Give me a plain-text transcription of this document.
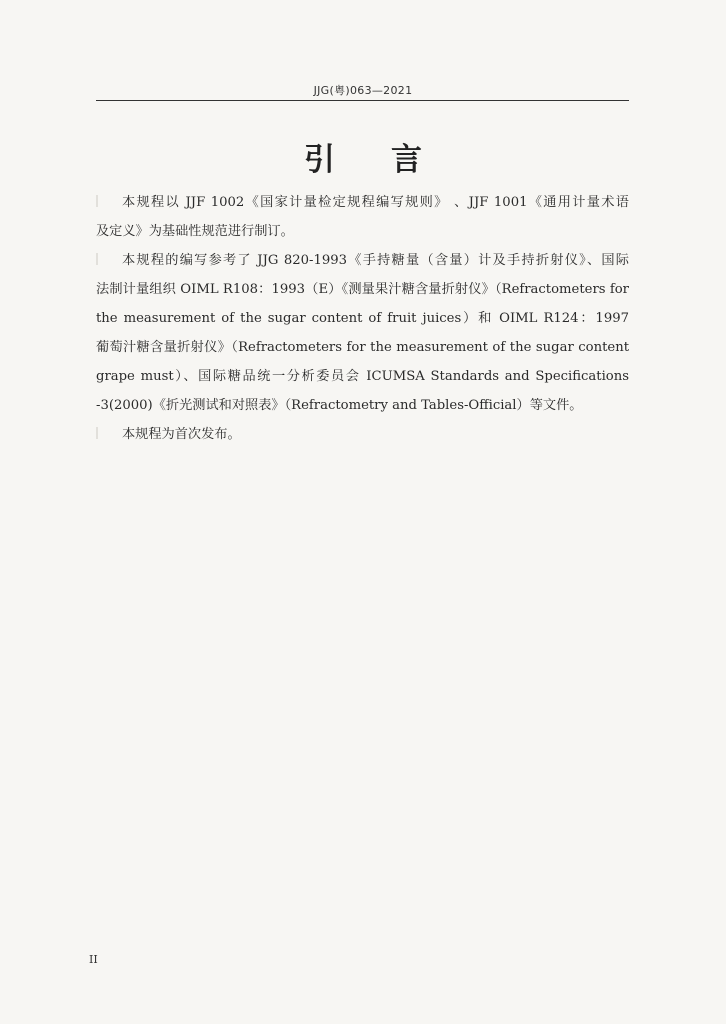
JJG(粤)063—2021
引 言
本规程以 JJF 1002《国家计量检定规程编写规则》 、JJF 1001《通用计量术语
及定义》为基础性规范进行制订。
本规程的编写参考了 JJG 820-1993《手持糖量（含量）计及手持折射仪》、国际
法制计量组织 OIML R108：1993（E）《测量果汁糖含量折射仪》（Refractometers for
the measurement of the sugar content of fruit juices）和 OIML R124：1997
葡萄汁糖含量折射仪》（Refractometers for the measurement of the sugar content
grape must）、国际糖品统一分析委员会 ICUMSA Standards and Specifications
-3(2000)《折光测试和对照表》（Refractometry and Tables-Official）等文件。
本规程为首次发布。
II
